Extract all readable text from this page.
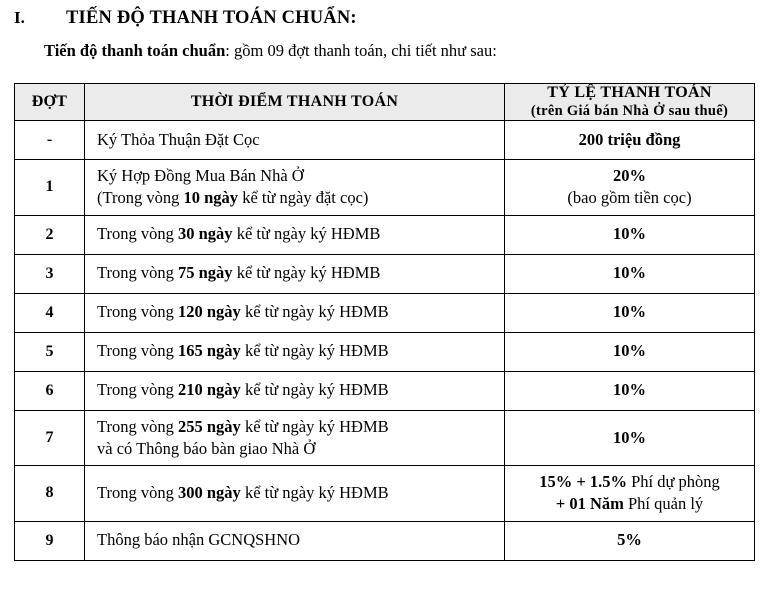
I.	TIẾN ĐỘ THANH TOÁN CHUẨN:
Tiến độ thanh toán chuẩn: gồm 09 đợt thanh toán, chi tiết như sau:
ĐỢT	THỜI ĐIỂM THANH TOÁN	TỶ LỆ THANH TOÁN
(trên Giá bán Nhà Ở sau thuế)

-	Ký Thỏa Thuận Đặt Cọc	200 triệu đồng

1	Ký Hợp Đồng Mua Bán Nhà Ở
(Trong vòng 10 ngày kể từ ngày đặt cọc)	20%
(bao gồm tiền cọc)

2	Trong vòng 30 ngày kể từ ngày ký HĐMB	10%

3	Trong vòng 75 ngày kể từ ngày ký HĐMB	10%

4	Trong vòng 120 ngày kể từ ngày ký HĐMB	10%

5	Trong vòng 165 ngày kể từ ngày ký HĐMB	10%

6	Trong vòng 210 ngày kể từ ngày ký HĐMB	10%

7	Trong vòng 255 ngày kể từ ngày ký HĐMB
và có Thông báo bàn giao Nhà Ở	10%

8	Trong vòng 300 ngày kể từ ngày ký HĐMB	15% + 1.5% Phí dự phòng
+ 01 Năm Phí quản lý

9	Thông báo nhận GCNQSHNO	5%
